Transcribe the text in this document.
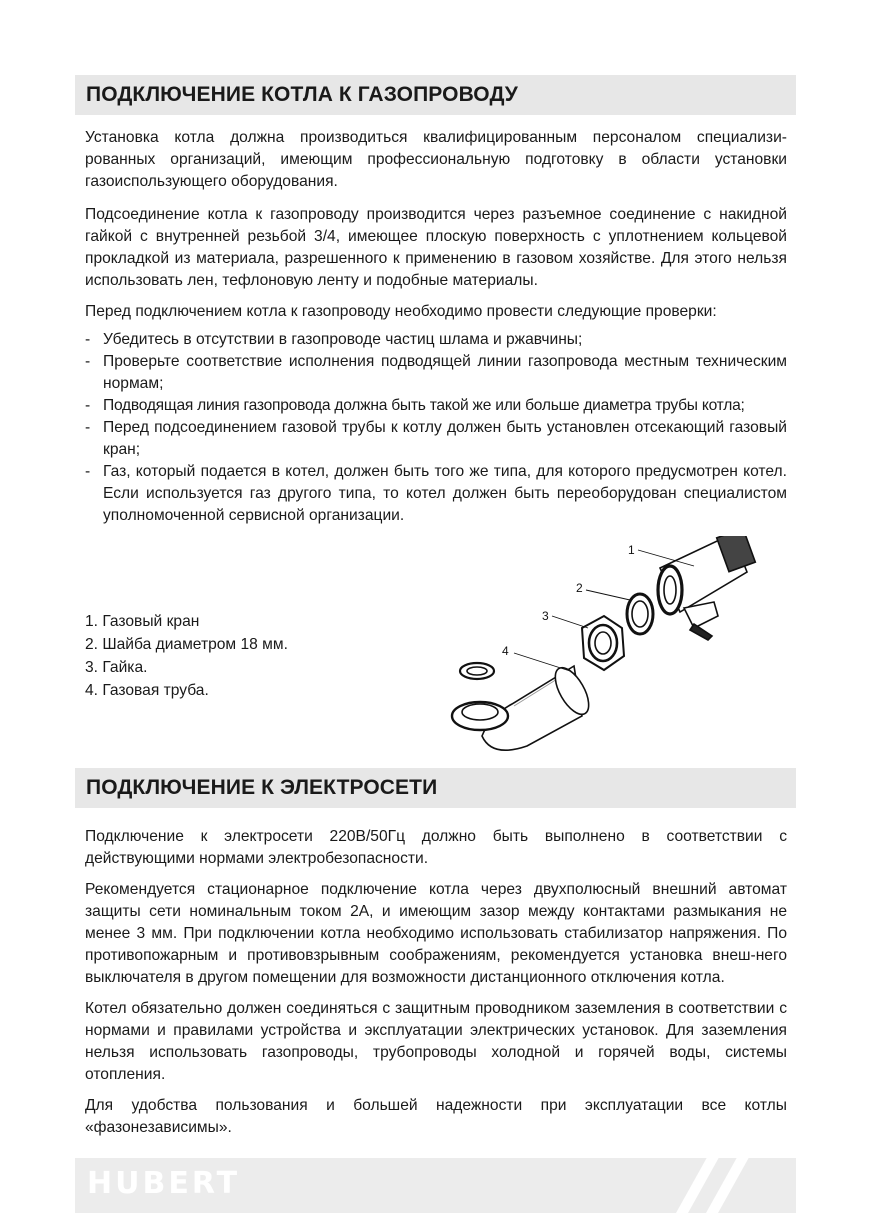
ПОДКЛЮЧЕНИЕ КОТЛА К ГАЗОПРОВОДУ

Установка котла должна производиться квалифицированным персоналом специализи-рованных организаций, имеющим профессиональную подготовку в области установки газоиспользующего оборудования.

Подсоединение котла к газопроводу производится через разъемное соединение с накидной гайкой с внутренней резьбой 3/4, имеющее плоскую поверхность с уплотнением кольцевой прокладкой из материала, разрешенного к применению в газовом хозяйстве. Для этого нельзя использовать лен, тефлоновую ленту и подобные материалы.

Перед подключением котла к газопроводу необходимо провести следующие проверки:

- Убедитесь в отсутствии в газопроводе частиц шлама и ржавчины;
- Проверьте соответствие исполнения подводящей линии газопровода местным техническим нормам;
- Подводящая линия газопровода должна быть такой же или больше диаметра трубы котла;
- Перед подсоединением газовой трубы к котлу должен быть установлен отсекающий газовый кран;
- Газ, который подается в котел, должен быть того же типа, для которого предусмотрен котел. Если используется газ другого типа, то котел должен быть переоборудован специалистом уполномоченной сервисной организации.
1. Газовый кран
2. Шайба диаметром 18 мм.
3. Гайка.
4. Газовая труба.
1
2
3
4
ПОДКЛЮЧЕНИЕ К ЭЛЕКТРОСЕТИ

Подключение к электросети 220В/50Гц должно быть выполнено в соответствии с действующими нормами электробезопасности.

Рекомендуется стационарное подключение котла через двухполюсный внешний автомат защиты сети номинальным током 2А, и имеющим зазор между контактами размыкания не менее 3 мм. При подключении котла необходимо использовать стабилизатор напряжения. По противопожарным и противовзрывным соображениям, рекомендуется установка внеш-него выключателя в другом помещении для возможности дистанционного отключения котла.

Котел обязательно должен соединяться с защитным проводником заземления в соответствии с нормами и правилами устройства и эксплуатации электрических установок. Для заземления нельзя использовать газопроводы, трубопроводы холодной и горячей воды, системы отопления.

Для удобства пользования и большей надежности при эксплуатации все котлы «фазонезависимы».

HUBERT
